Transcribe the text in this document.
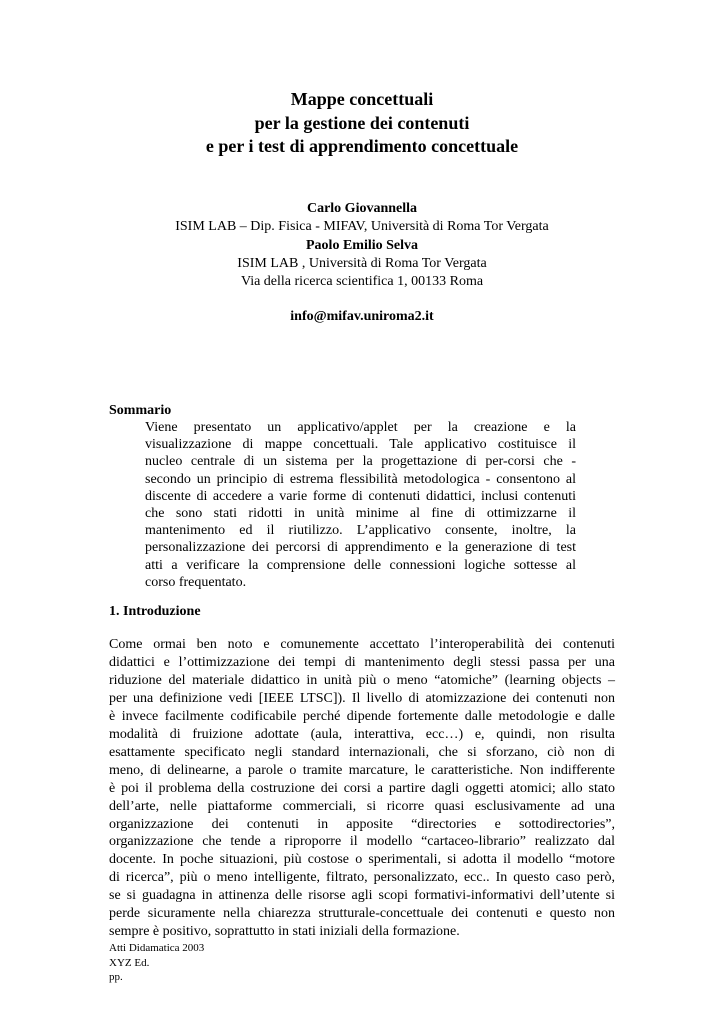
Mappe concettuali
per la gestione dei contenuti
e per i test di apprendimento concettuale
Carlo Giovannella
ISIM LAB – Dip. Fisica - MIFAV, Università di Roma Tor Vergata
Paolo Emilio Selva
ISIM LAB , Università di Roma Tor Vergata
Via della ricerca scientifica 1, 00133 Roma
info@mifav.uniroma2.it
Sommario
Viene presentato un applicativo/applet per la creazione e la
visualizzazione di mappe concettuali. Tale applicativo costituisce il
nucleo centrale di un sistema per la progettazione di per-corsi che -
secondo un principio di estrema flessibilità metodologica - consentono al
discente di accedere a varie forme di contenuti didattici, inclusi contenuti
che sono stati ridotti in unità minime al fine di ottimizzarne il
mantenimento ed il riutilizzo. L’applicativo consente, inoltre, la
personalizzazione dei percorsi di apprendimento e la generazione di test
atti a verificare la comprensione delle connessioni logiche sottesse al
corso frequentato.
1. Introduzione
Come ormai ben noto e comunemente accettato l’interoperabilità dei contenuti
didattici e l’ottimizzazione dei tempi di mantenimento degli stessi passa per una
riduzione del materiale didattico in unità più o meno “atomiche” (learning objects –
per una definizione vedi [IEEE LTSC]). Il livello di atomizzazione dei contenuti non
è invece facilmente codificabile perché dipende fortemente dalle metodologie e dalle
modalità di fruizione adottate (aula, interattiva, ecc…) e, quindi, non risulta
esattamente specificato negli standard internazionali, che si sforzano, ciò non di
meno, di delinearne, a parole o tramite marcature, le caratteristiche. Non indifferente
è poi il problema della costruzione dei corsi a partire dagli oggetti atomici; allo stato
dell’arte, nelle piattaforme commerciali, si ricorre quasi esclusivamente ad una
organizzazione dei contenuti in apposite “directories e sottodirectories”,
organizzazione che tende a riproporre il modello “cartaceo-librario” realizzato dal
docente. In poche situazioni, più costose o sperimentali, si adotta il modello “motore
di ricerca”, più o meno intelligente, filtrato, personalizzato, ecc.. In questo caso però,
se si guadagna in attinenza delle risorse agli scopi formativi-informativi dell’utente si
perde sicuramente nella chiarezza strutturale-concettuale dei contenuti e questo non
sempre è positivo, soprattutto in stati iniziali della formazione.
Atti Didamatica 2003
XYZ Ed.
pp.
